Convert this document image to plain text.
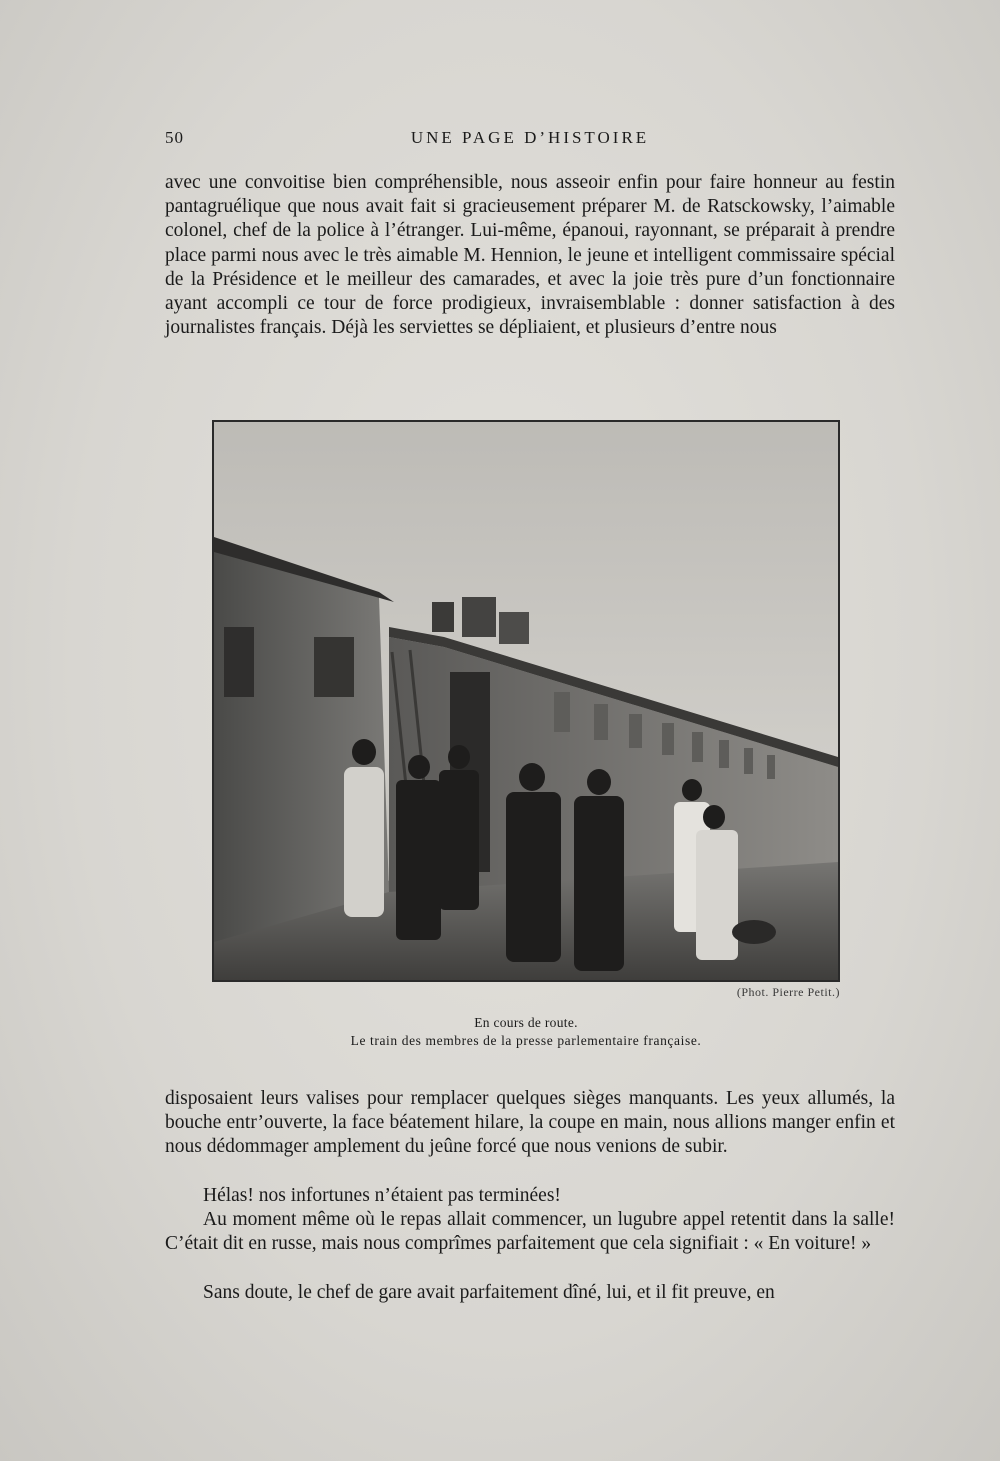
50	UNE PAGE D’HISTOIRE

avec une convoitise bien compréhensible, nous asseoir enfin pour faire honneur au festin pantagruélique que nous avait fait si gracieusement préparer M. de Ratsckowsky, l’aimable colonel, chef de la police à l’étranger. Lui-même, épanoui, rayonnant, se préparait à prendre place parmi nous avec le très aimable M. Hennion, le jeune et intelligent commissaire spécial de la Présidence et le meilleur des camarades, et avec la joie très pure d’un fonctionnaire ayant accompli ce tour de force prodigieux, invraisemblable : donner satisfaction à des journalistes français. Déjà les serviettes se dépliaient, et plusieurs d’entre nous

(Phot. Pierre Petit.)
En cours de route.
Le train des membres de la presse parlementaire française.

disposaient leurs valises pour remplacer quelques sièges manquants. Les yeux allumés, la bouche entr’ouverte, la face béatement hilare, la coupe en main, nous allions manger enfin et nous dédommager amplement du jeûne forcé que nous venions de subir.

Hélas! nos infortunes n’étaient pas terminées!

Au moment même où le repas allait commencer, un lugubre appel retentit dans la salle! C’était dit en russe, mais nous comprîmes parfaitement que cela signifiait : « En voiture! »

Sans doute, le chef de gare avait parfaitement dîné, lui, et il fit preuve, en
